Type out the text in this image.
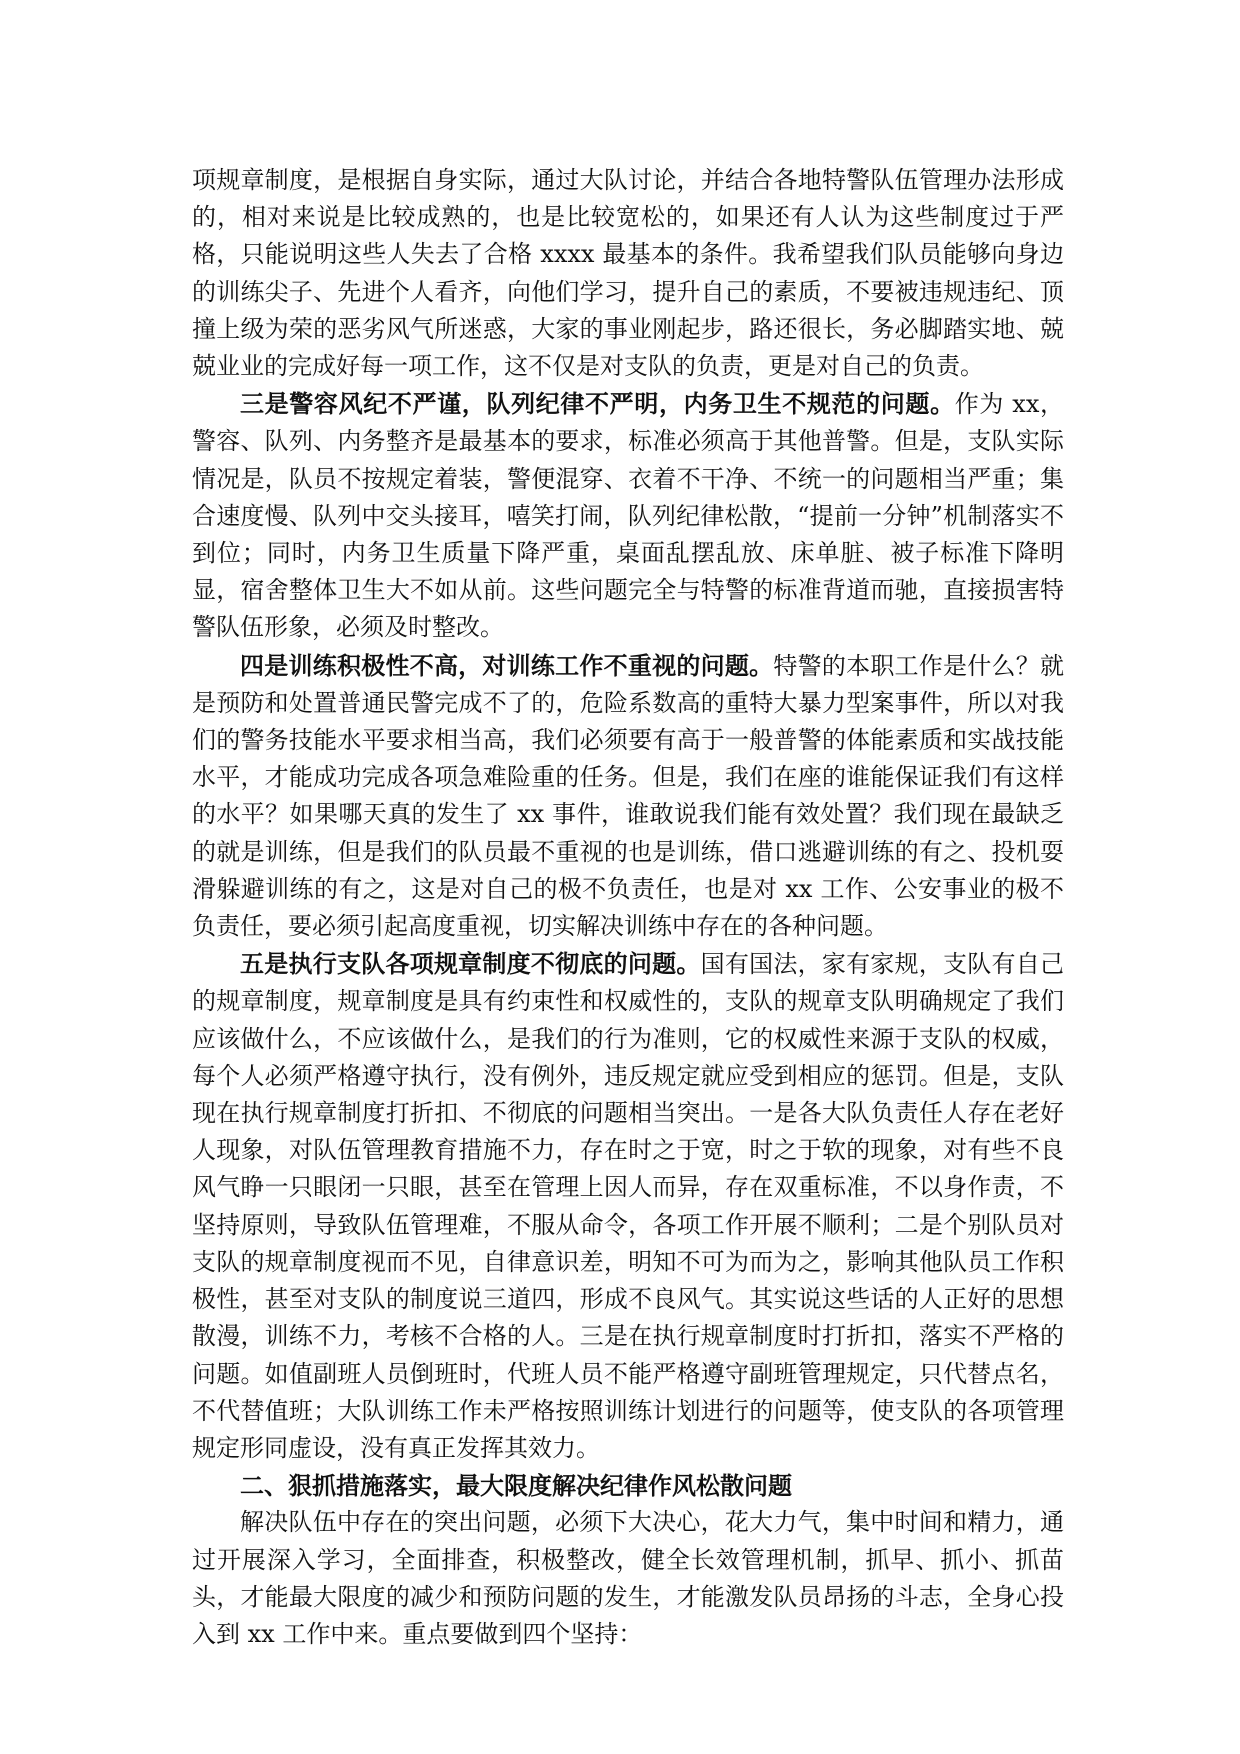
项规章制度，是根据自身实际，通过大队讨论，并结合各地特警队伍管理办法形成的，相对来说是比较成熟的，也是比较宽松的，如果还有人认为这些制度过于严格，只能说明这些人失去了合格 xxxx 最基本的条件。我希望我们队员能够向身边的训练尖子、先进个人看齐，向他们学习，提升自己的素质，不要被违规违纪、顶撞上级为荣的恶劣风气所迷惑，大家的事业刚起步，路还很长，务必脚踏实地、兢兢业业的完成好每一项工作，这不仅是对支队的负责，更是对自己的负责。

三是警容风纪不严谨，队列纪律不严明，内务卫生不规范的问题。作为 xx，警容、队列、内务整齐是最基本的要求，标准必须高于其他普警。但是，支队实际情况是，队员不按规定着装，警便混穿、衣着不干净、不统一的问题相当严重；集合速度慢、队列中交头接耳，嘻笑打闹，队列纪律松散，“提前一分钟”机制落实不到位；同时，内务卫生质量下降严重，桌面乱摆乱放、床单脏、被子标准下降明显，宿舍整体卫生大不如从前。这些问题完全与特警的标准背道而驰，直接损害特警队伍形象，必须及时整改。

四是训练积极性不高，对训练工作不重视的问题。特警的本职工作是什么？就是预防和处置普通民警完成不了的，危险系数高的重特大暴力型案事件，所以对我们的警务技能水平要求相当高，我们必须要有高于一般普警的体能素质和实战技能水平，才能成功完成各项急难险重的任务。但是，我们在座的谁能保证我们有这样的水平？如果哪天真的发生了 xx 事件，谁敢说我们能有效处置？我们现在最缺乏的就是训练，但是我们的队员最不重视的也是训练，借口逃避训练的有之、投机耍滑躲避训练的有之，这是对自己的极不负责任，也是对 xx 工作、公安事业的极不负责任，要必须引起高度重视，切实解决训练中存在的各种问题。

五是执行支队各项规章制度不彻底的问题。国有国法，家有家规，支队有自己的规章制度，规章制度是具有约束性和权威性的，支队的规章支队明确规定了我们应该做什么，不应该做什么，是我们的行为准则，它的权威性来源于支队的权威，每个人必须严格遵守执行，没有例外，违反规定就应受到相应的惩罚。但是，支队现在执行规章制度打折扣、不彻底的问题相当突出。一是各大队负责任人存在老好人现象，对队伍管理教育措施不力，存在时之于宽，时之于软的现象，对有些不良风气睁一只眼闭一只眼，甚至在管理上因人而异，存在双重标准，不以身作责，不坚持原则，导致队伍管理难，不服从命令，各项工作开展不顺利；二是个别队员对支队的规章制度视而不见，自律意识差，明知不可为而为之，影响其他队员工作积极性，甚至对支队的制度说三道四，形成不良风气。其实说这些话的人正好的思想散漫，训练不力，考核不合格的人。三是在执行规章制度时打折扣，落实不严格的问题。如值副班人员倒班时，代班人员不能严格遵守副班管理规定，只代替点名，不代替值班；大队训练工作未严格按照训练计划进行的问题等，使支队的各项管理规定形同虚设，没有真正发挥其效力。

二、狠抓措施落实，最大限度解决纪律作风松散问题

解决队伍中存在的突出问题，必须下大决心，花大力气，集中时间和精力，通过开展深入学习，全面排查，积极整改，健全长效管理机制，抓早、抓小、抓苗头，才能最大限度的减少和预防问题的发生，才能激发队员昂扬的斗志，全身心投入到 xx 工作中来。重点要做到四个坚持：
